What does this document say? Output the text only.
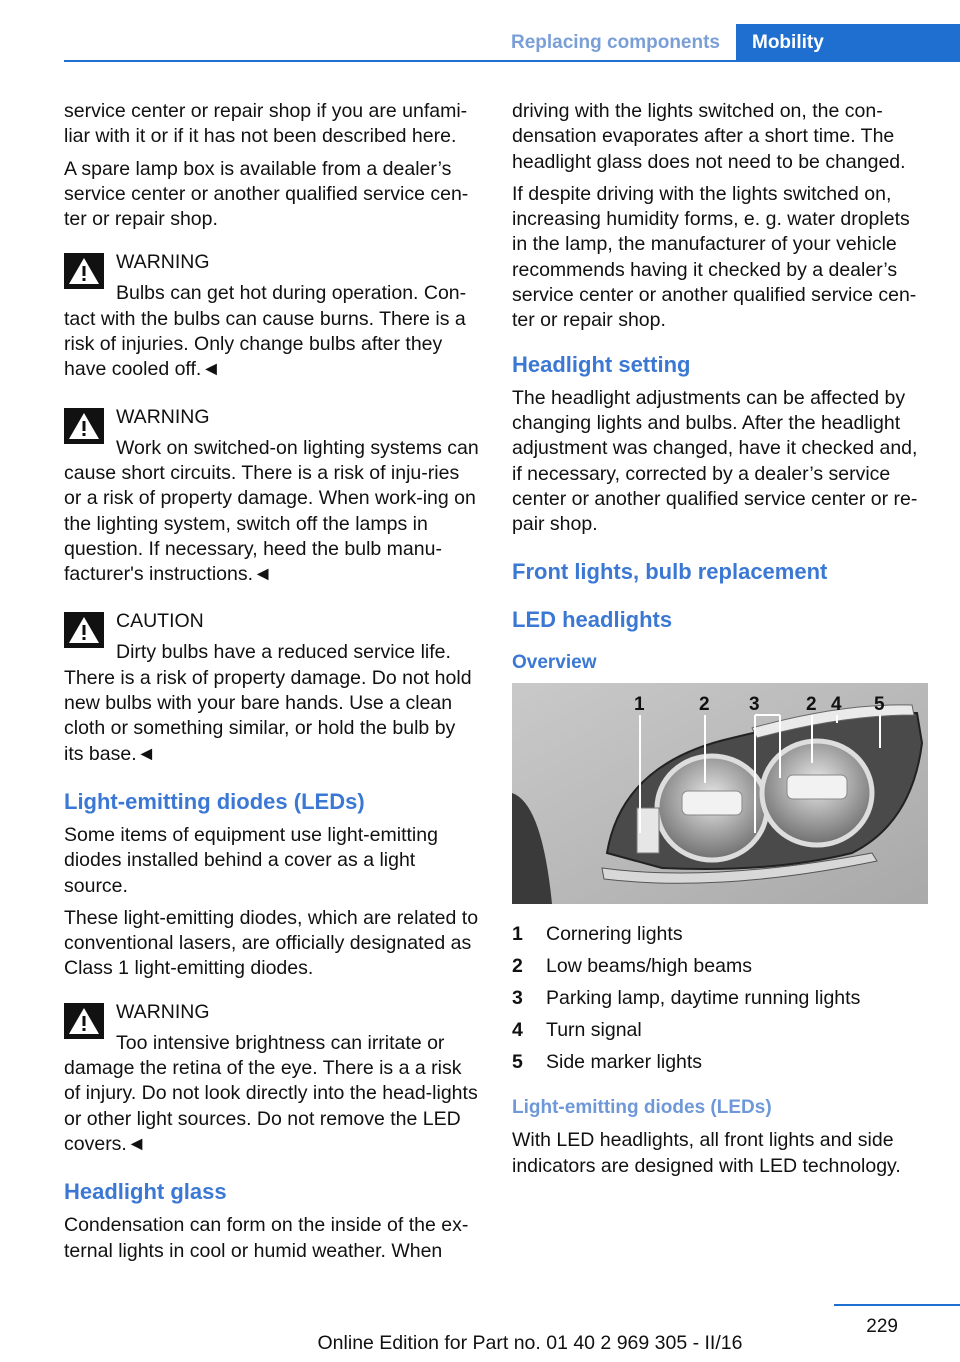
Replacing components	Mobility

service center or repair shop if you are unfami‐liar with it or if it has not been described here.

A spare lamp box is available from a dealer’s service center or another qualified service cen‐ter or repair shop.

WARNING
Bulbs can get hot during operation. Con‐tact with the bulbs can cause burns. There is a risk of injuries. Only change bulbs after they have cooled off.◄
WARNING
Work on switched-on lighting systems can cause short circuits. There is a risk of inju‐ries or a risk of property damage. When work‐ing on the lighting system, switch off the lamps in question. If necessary, heed the bulb manu‐facturer's instructions.◄
CAUTION
Dirty bulbs have a reduced service life. There is a risk of property damage. Do not hold new bulbs with your bare hands. Use a clean cloth or something similar, or hold the bulb by its base.◄
Light-emitting diodes (LEDs)

Some items of equipment use light-emitting diodes installed behind a cover as a light source.

These light-emitting diodes, which are related to conventional lasers, are officially designated as Class 1 light-emitting diodes.

WARNING
Too intensive brightness can irritate or damage the retina of the eye. There is a a risk of injury. Do not look directly into the head‐lights or other light sources. Do not remove the LED covers.◄
Headlight glass

Condensation can form on the inside of the ex‐ternal lights in cool or humid weather. When

driving with the lights switched on, the con‐densation evaporates after a short time. The headlight glass does not need to be changed.

If despite driving with the lights switched on, increasing humidity forms, e. g. water droplets in the lamp, the manufacturer of your vehicle recommends having it checked by a dealer’s service center or another qualified service cen‐ter or repair shop.

Headlight setting

The headlight adjustments can be affected by changing lights and bulbs. After the headlight adjustment was changed, have it checked and, if necessary, corrected by a dealer’s service center or another qualified service center or re‐pair shop.

Front lights, bulb replacement
LED headlights
Overview
1	2 3 2 4 5
1	Cornering lights
2	Low beams/high beams
3	Parking lamp, daytime running lights
4	Turn signal
5	Side marker lights
Light-emitting diodes (LEDs)

With LED headlights, all front lights and side indicators are designed with LED technology.

229
Online Edition for Part no. 01 40 2 969 305 - II/16
